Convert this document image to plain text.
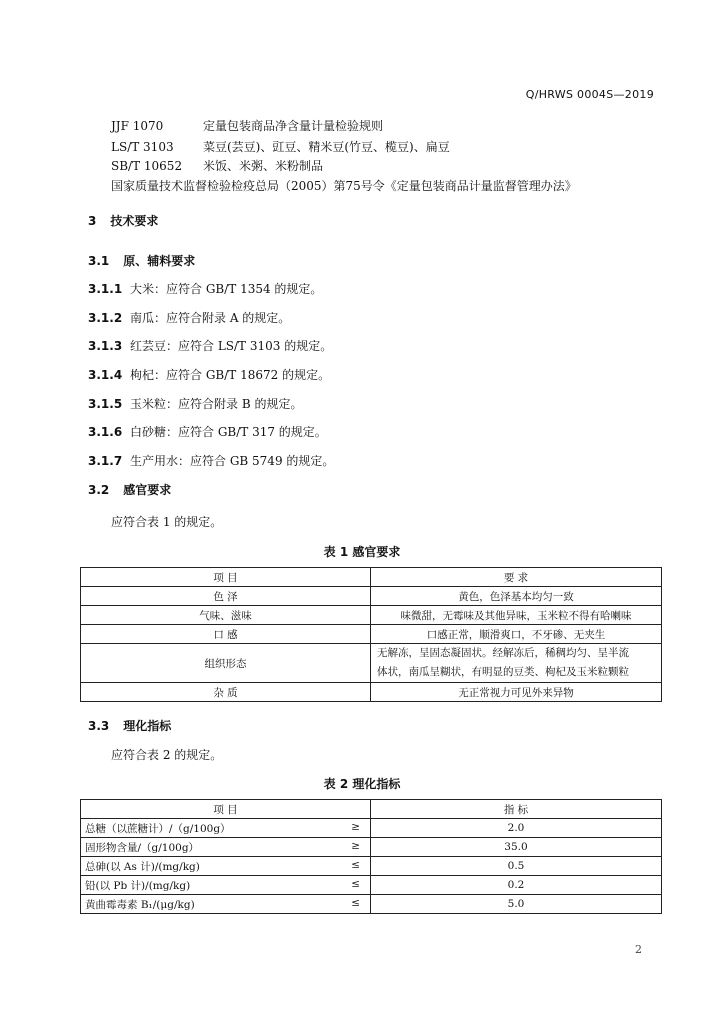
Q/HRWS 0004S—2019
JJF 1070	定量包装商品净含量计量检验规则
LS/T 3103 菜豆(芸豆)、豇豆、精米豆(竹豆、榄豆)、扁豆
SB/T 10652 米饭、米粥、米粉制品
国家质量技术监督检验检疫总局（2005）第75号令《定量包装商品计量监督管理办法》
3 技术要求
3.1 原、辅料要求
3.1.1 大米：应符合 GB/T 1354 的规定。
3.1.2 南瓜：应符合附录 A 的规定。
3.1.3 红芸豆：应符合 LS/T 3103 的规定。
3.1.4 枸杞：应符合 GB/T 18672 的规定。
3.1.5 玉米粒：应符合附录 B 的规定。
3.1.6 白砂糖：应符合 GB/T 317 的规定。
3.1.7 生产用水：应符合 GB 5749 的规定。
3.2 感官要求
应符合表 1 的规定。
表 1 感官要求
项 目	要 求
色 泽	黄色，色泽基本均匀一致
气味、滋味	味微甜，无霉味及其他异味，玉米粒不得有哈喇味
口 感	口感正常，顺滑爽口，不牙碜、无夹生
组织形态	无解冻，呈固态凝固状。经解冻后，稀稠均匀、呈半流
体状，南瓜呈糊状，有明显的豆类、枸杞及玉米粒颗粒

杂 质	无正常视力可见外来异物
3.3 理化指标
应符合表 2 的规定。
表 2 理化指标
项 目	指 标
总糖（以蔗糖计）/（g/100g） ≥	2.0
固形物含量/（g/100g） ≥	35.0
总砷(以 As 计)/(mg/kg) ≤	0.5
铅(以 Pb 计)/(mg/kg) ≤	0.2
黄曲霉毒素 B₁/(μg/kg) ≤	5.0
2
